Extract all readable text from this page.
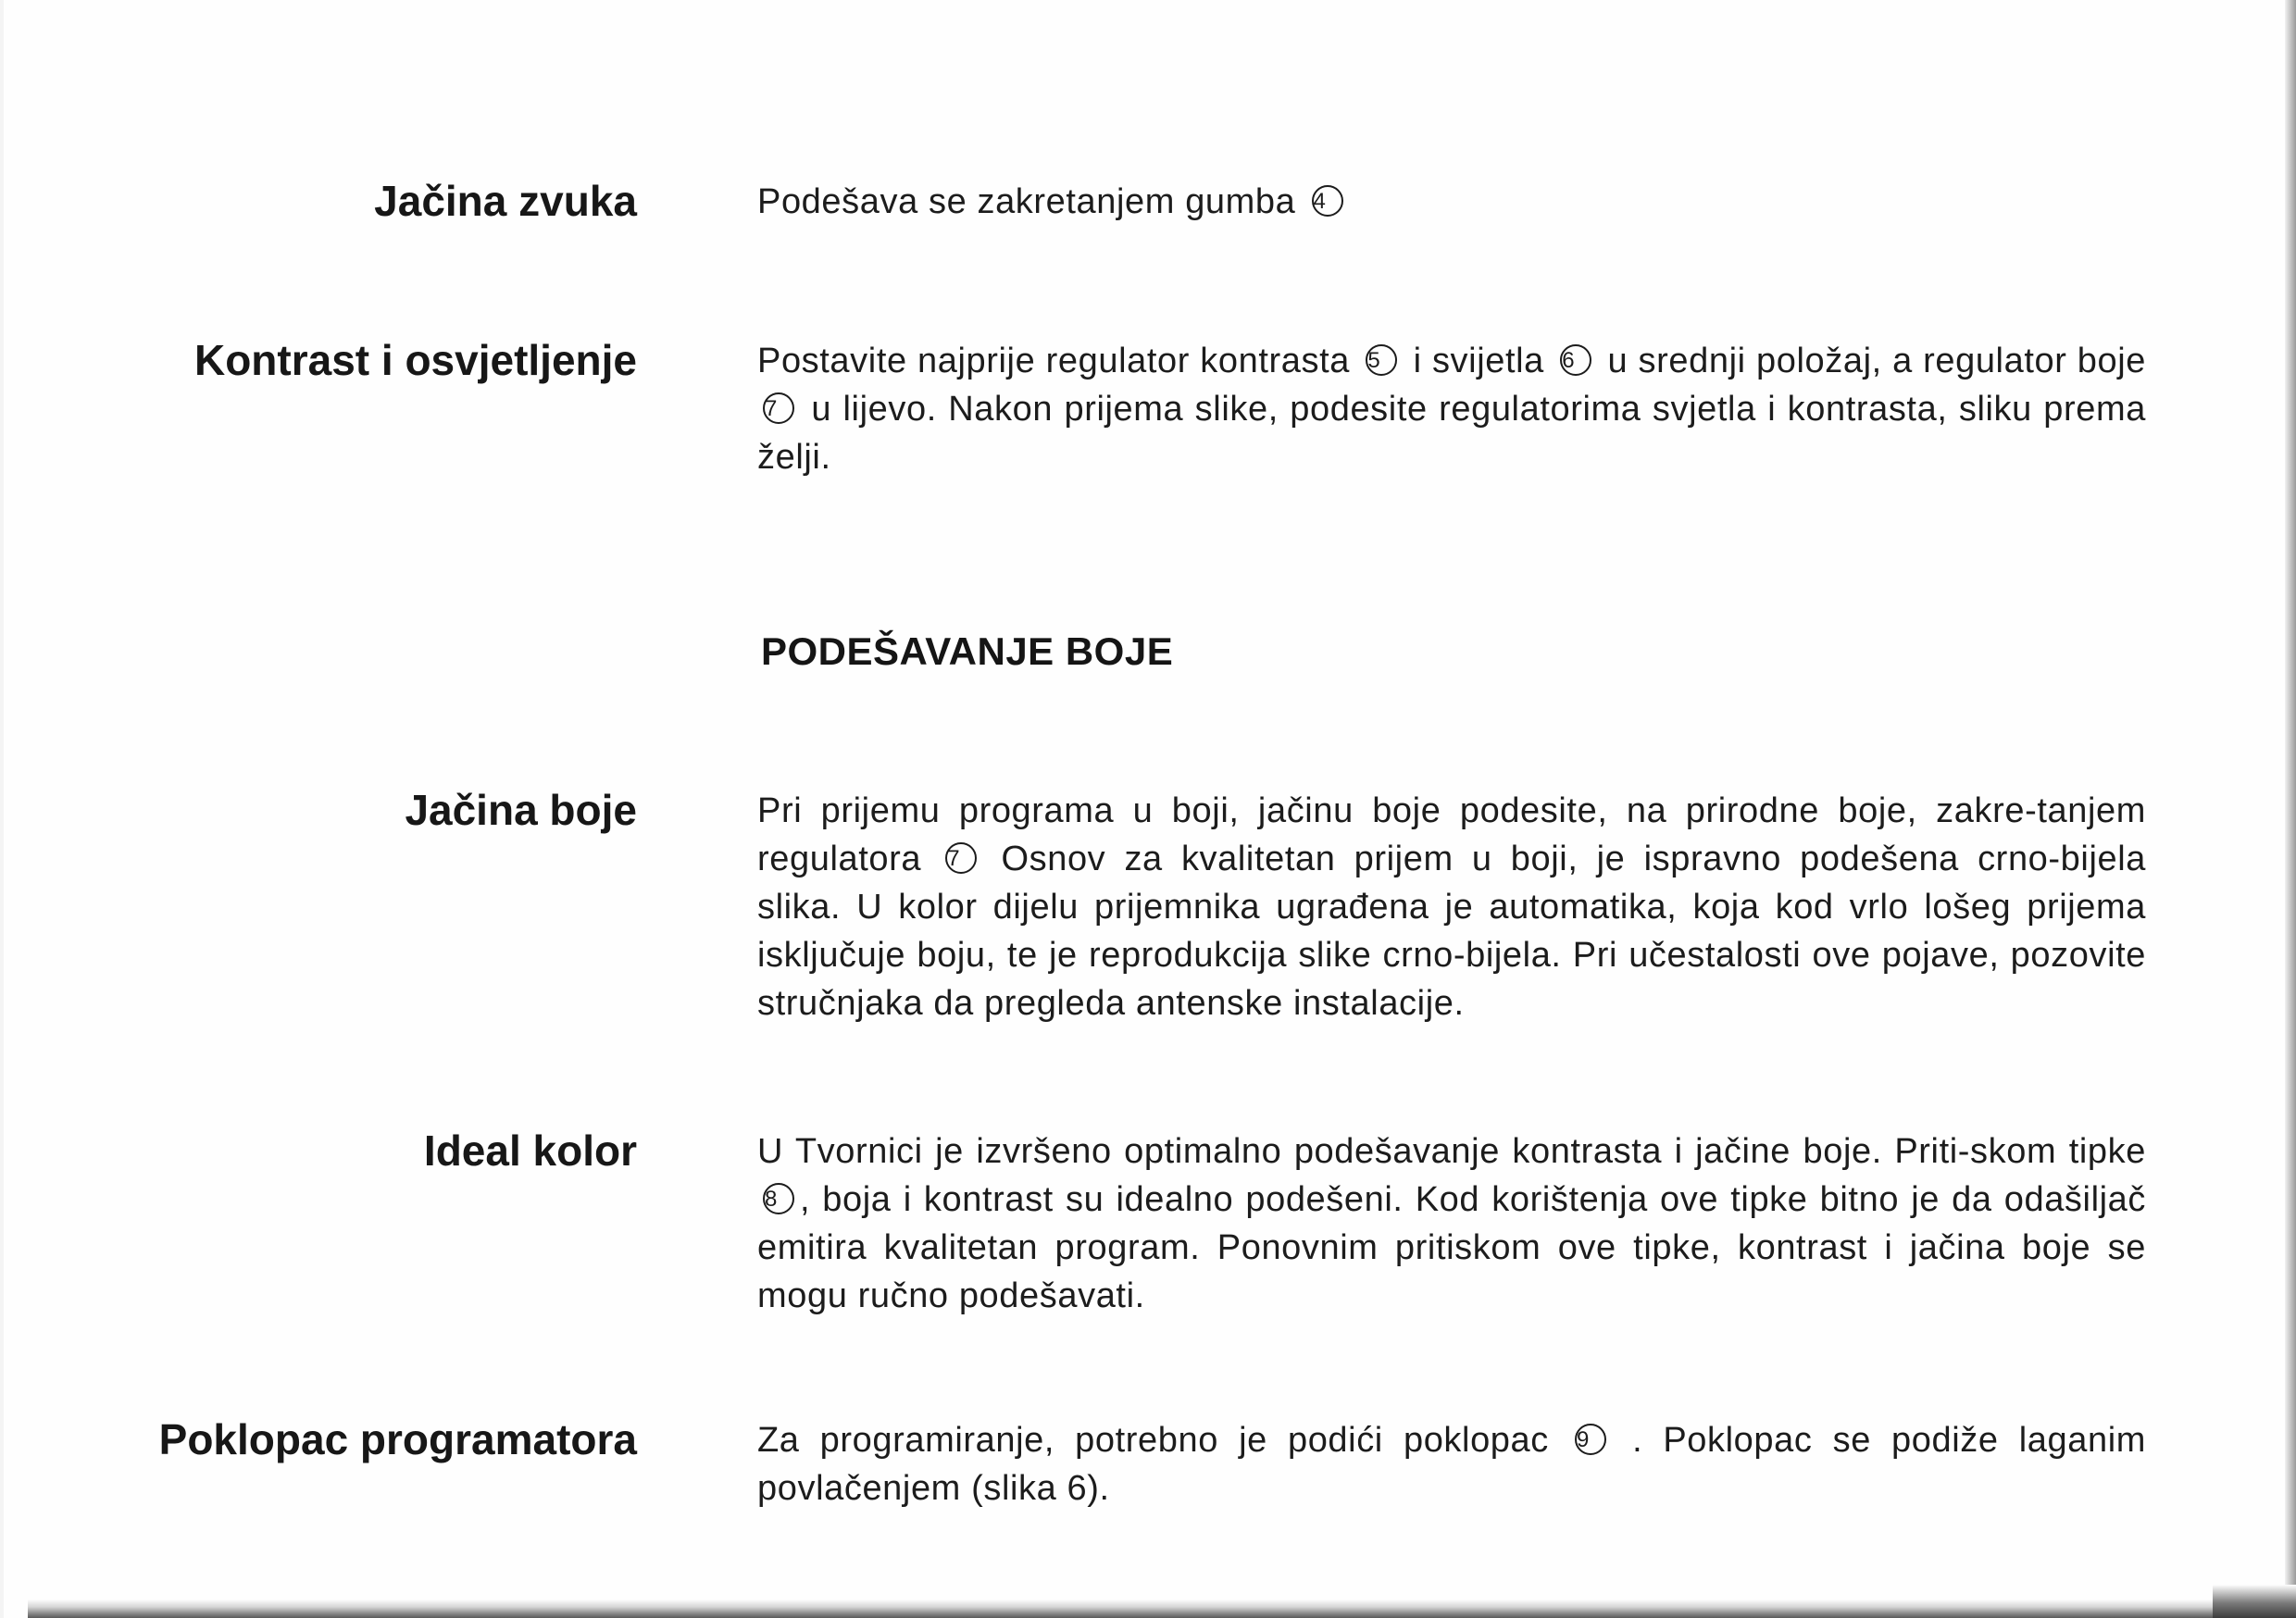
Jačina zvuka	Podešava se zakretanjem gumba 4

Kontrast i osvjetljenje	Postavite najprije regulator kontrasta 5 i svijetla 6 u srednji položaj, a regulator boje 7 u lijevo. Nakon prijema slike, podesite regulatorima svjetla i kontrasta, sliku prema želji.

PODEŠAVANJE BOJE
Jačina boje	Pri prijemu programa u boji, jačinu boje podesite, na prirodne boje, zakre-tanjem regulatora 7 Osnov za kvalitetan prijem u boji, je ispravno podešena crno-bijela slika. U kolor dijelu prijemnika ugrađena je automatika, koja kod vrlo lošeg prijema isključuje boju, te je reprodukcija slike crno-bijela. Pri učestalosti ove pojave, pozovite stručnjaka da pregleda antenske instalacije.

Ideal kolor	U Tvornici je izvršeno optimalno podešavanje kontrasta i jačine boje. Priti-skom tipke 8 , boja i kontrast su idealno podešeni. Kod korištenja ove tipke bitno je da odašiljač emitira kvalitetan program. Ponovnim pritiskom ove tipke, kontrast i jačina boje se mogu ručno podešavati.

Poklopac programatora	Za programiranje, potrebno je podići poklopac 9 . Poklopac se podiže laganim povlačenjem (slika 6).
